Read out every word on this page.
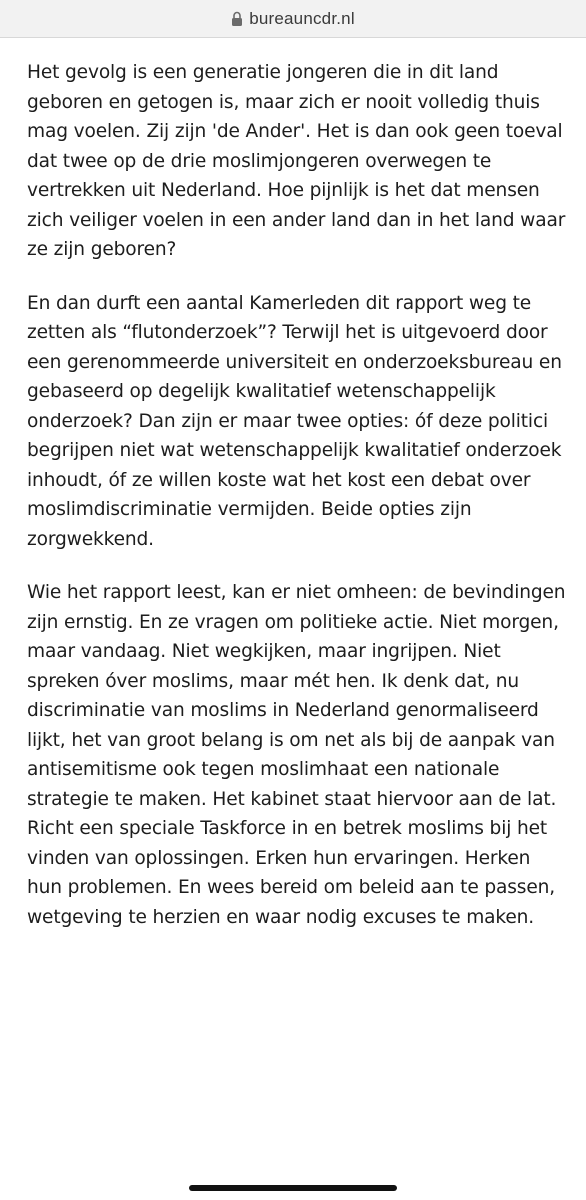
bureauncdr.nl

Het gevolg is een generatie jongeren die in dit land geboren en getogen is, maar zich er nooit volledig thuis mag voelen. Zij zijn 'de Ander'. Het is dan ook geen toeval dat twee op de drie moslimjongeren overwegen te vertrekken uit Nederland. Hoe pijnlijk is het dat mensen zich veiliger voelen in een ander land dan in het land waar ze zijn geboren?

En dan durft een aantal Kamerleden dit rapport weg te zetten als “flutonderzoek”? Terwijl het is uitgevoerd door een gerenommeerde universiteit en onderzoeksbureau en gebaseerd op degelijk kwalitatief wetenschappelijk onderzoek? Dan zijn er maar twee opties: óf deze politici begrijpen niet wat wetenschappelijk kwalitatief onderzoek inhoudt, óf ze willen koste wat het kost een debat over moslimdiscriminatie vermijden. Beide opties zijn zorgwekkend.

Wie het rapport leest, kan er niet omheen: de bevindingen zijn ernstig. En ze vragen om politieke actie. Niet morgen, maar vandaag. Niet wegkijken, maar ingrijpen. Niet spreken óver moslims, maar mét hen. Ik denk dat, nu discriminatie van moslims in Nederland genormaliseerd lijkt, het van groot belang is om net als bij de aanpak van antisemitisme ook tegen moslimhaat een nationale strategie te maken. Het kabinet staat hiervoor aan de lat. Richt een speciale Taskforce in en betrek moslims bij het vinden van oplossingen. Erken hun ervaringen. Herken hun problemen. En wees bereid om beleid aan te passen, wetgeving te herzien en waar nodig excuses te maken.
